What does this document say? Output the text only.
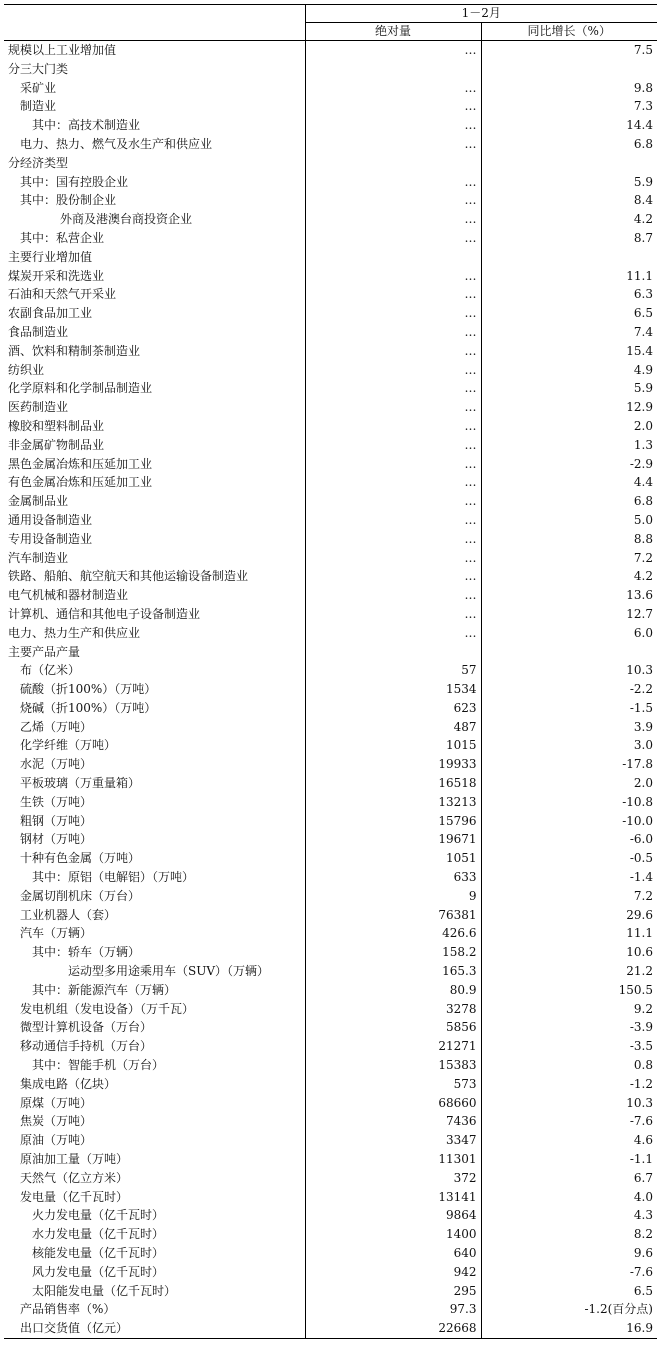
	1－2月	
	绝对量	同比增长（%）
规模以上工业增加值	…	7.5
分三大门类		
采矿业	…	9.8
制造业	…	7.3
其中：高技术制造业	…	14.4
电力、热力、燃气及水生产和供应业	…	6.8
分经济类型		
其中：国有控股企业	…	5.9
其中：股份制企业	…	8.4
外商及港澳台商投资企业	…	4.2
其中：私营企业	…	8.7
主要行业增加值		
煤炭开采和洗选业	…	11.1
石油和天然气开采业	…	6.3
农副食品加工业	…	6.5
食品制造业	…	7.4
酒、饮料和精制茶制造业	…	15.4
纺织业	…	4.9
化学原料和化学制品制造业	…	5.9
医药制造业	…	12.9
橡胶和塑料制品业	…	2.0
非金属矿物制品业	…	1.3
黑色金属冶炼和压延加工业	…	-2.9
有色金属冶炼和压延加工业	…	4.4
金属制品业	…	6.8
通用设备制造业	…	5.0
专用设备制造业	…	8.8
汽车制造业	…	7.2
铁路、船舶、航空航天和其他运输设备制造业	…	4.2
电气机械和器材制造业	…	13.6
计算机、通信和其他电子设备制造业	…	12.7
电力、热力生产和供应业	…	6.0
主要产品产量		
布（亿米）	57	10.3
硫酸（折100%）（万吨）	1534	-2.2
烧碱（折100%）（万吨）	623	-1.5
乙烯（万吨）	487	3.9
化学纤维（万吨）	1015	3.0
水泥（万吨）	19933	-17.8
平板玻璃（万重量箱）	16518	2.0
生铁（万吨）	13213	-10.8
粗钢（万吨）	15796	-10.0
钢材（万吨）	19671	-6.0
十种有色金属（万吨）	1051	-0.5
其中：原铝（电解铝）（万吨）	633	-1.4
金属切削机床（万台）	9	7.2
工业机器人（套）	76381	29.6
汽车（万辆）	426.6	11.1
其中：轿车（万辆）	158.2	10.6
运动型多用途乘用车（SUV）（万辆）	165.3	21.2
其中：新能源汽车（万辆）	80.9	150.5
发电机组（发电设备）（万千瓦）	3278	9.2
微型计算机设备（万台）	5856	-3.9
移动通信手持机（万台）	21271	-3.5
其中：智能手机（万台）	15383	0.8
集成电路（亿块）	573	-1.2
原煤（万吨）	68660	10.3
焦炭（万吨）	7436	-7.6
原油（万吨）	3347	4.6
原油加工量（万吨）	11301	-1.1
天然气（亿立方米）	372	6.7
发电量（亿千瓦时）	13141	4.0
火力发电量（亿千瓦时）	9864	4.3
水力发电量（亿千瓦时）	1400	8.2
核能发电量（亿千瓦时）	640	9.6
风力发电量（亿千瓦时）	942	-7.6
太阳能发电量（亿千瓦时）	295	6.5
产品销售率（%）	97.3	-1.2(百分点)
出口交货值（亿元）	22668	16.9
